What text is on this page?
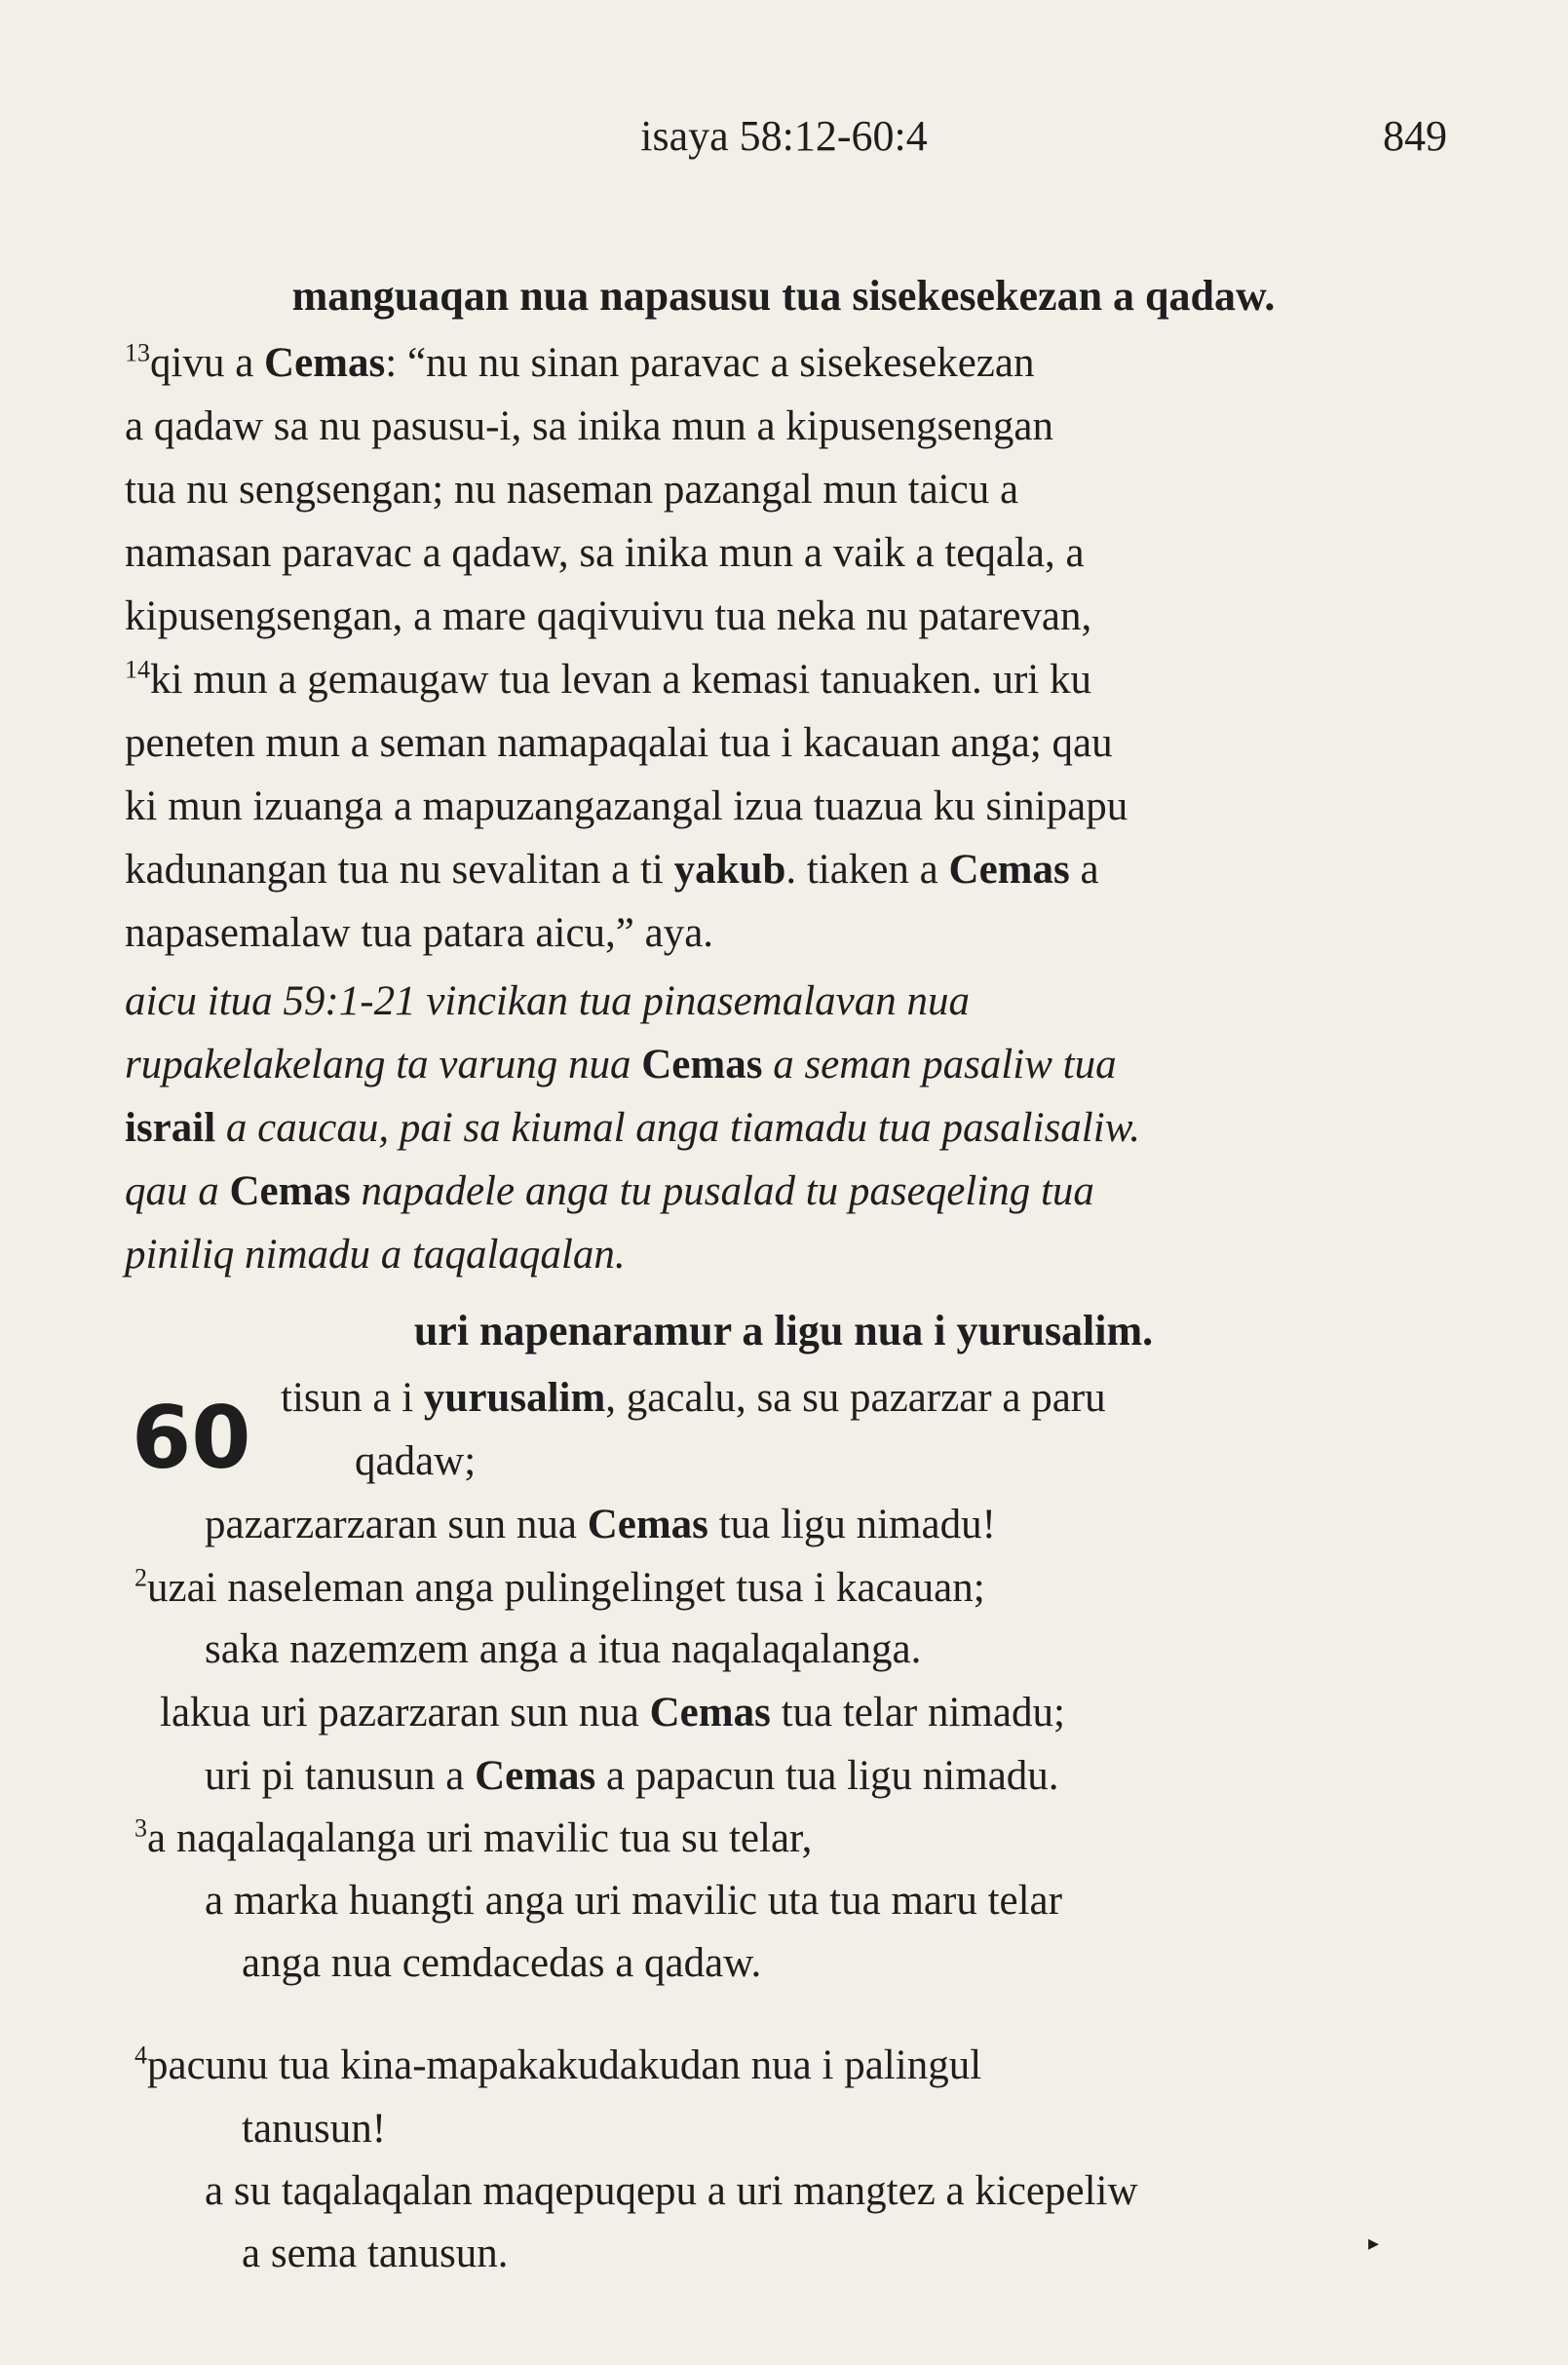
isaya 58:12-60:4	849
manguaqan nua napasusu tua sisekesekezan a qadaw.
$^{13}$qivu a Cemas: “nu nu sinan paravac a sisekesekezan
a qadaw sa nu pasusu-i, sa inika mun a kipusengsengan
tua nu sengsengan; nu naseman pazangal mun taicu a
namasan paravac a qadaw, sa inika mun a vaik a teqala, a
kipusengsengan, a mare qaqivuivu tua neka nu patarevan,
$^{14}$ki mun a gemaugaw tua levan a kemasi tanuaken. uri ku
peneten mun a seman namapaqalai tua i kacauan anga; qau
ki mun izuanga a mapuzangazangal izua tuazua ku sinipapu
kadunangan tua nu sevalitan a ti yakub. tiaken a Cemas a
napasemalaw tua patara aicu,” aya.
aicu itua 59:1-21 vincikan tua pinasemalavan nua
rupakelakelang ta varung nua Cemas a seman pasaliw tua
israil a caucau, pai sa kiumal anga tiamadu tua pasalisaliw.
qau a Cemas napadele anga tu pusalad tu paseqeling tua
piniliq nimadu a taqalaqalan.
uri napenaramur a ligu nua i yurusalim.
60 tisun a i yurusalim, gacalu, sa su pazarzar a paru
qadaw;
pazarzarzaran sun nua Cemas tua ligu nimadu!
$^2$uzai naseleman anga pulingelinget tusa i kacauan;
saka nazemzem anga a itua naqalaqalanga.
lakua uri pazarzaran sun nua Cemas tua telar nimadu;
uri pi tanusun a Cemas a papacun tua ligu nimadu.
$^3$a naqalaqalanga uri mavilic tua su telar,
a marka huangti anga uri mavilic uta tua maru telar
anga nua cemdacedas a qadaw.
$^4$pacunu tua kina-mapakakudakudan nua i palingul
tanusun!
a su taqalaqalan maqepuqepu a uri mangtez a kicepeliw
a sema tanusun.	▸
